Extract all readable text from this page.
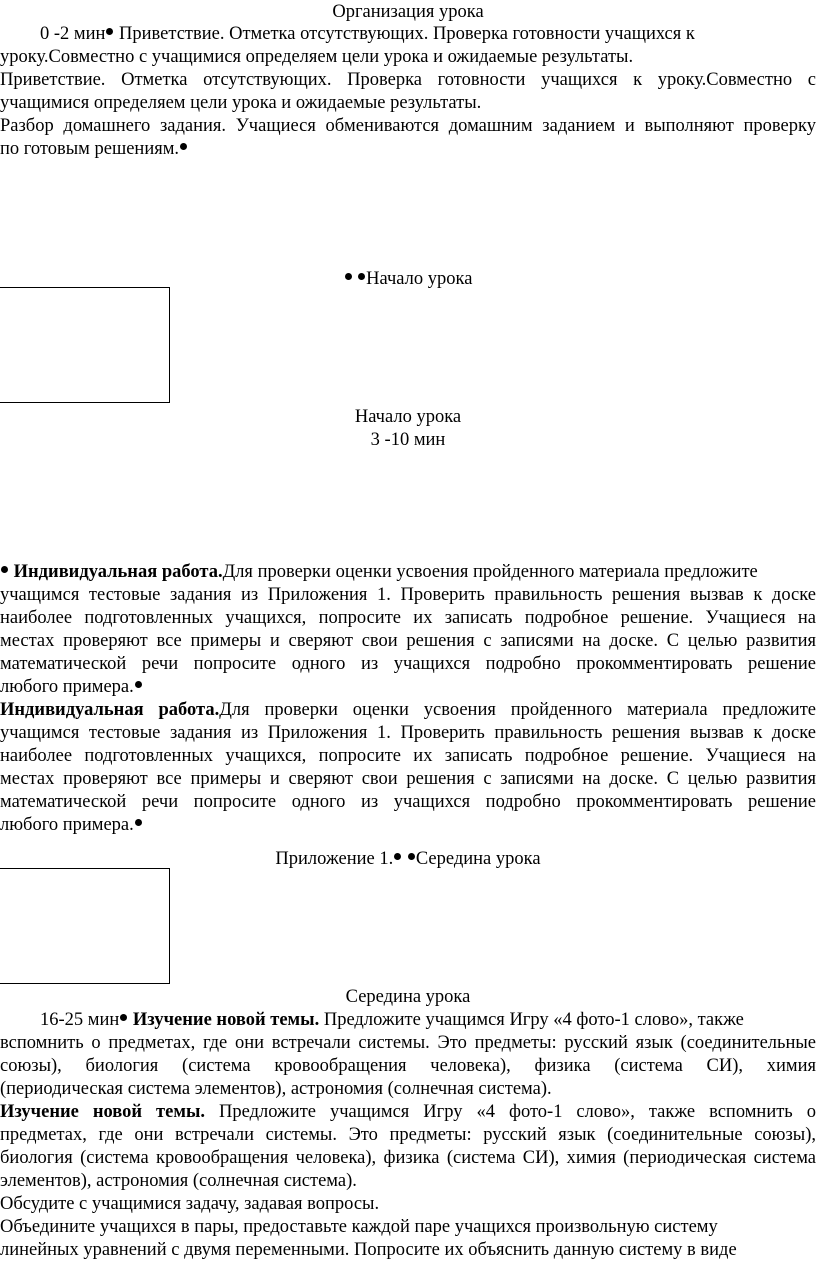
Организация урока
0 -2 мин Приветствие. Отметка отсутствующих. Проверка готовности учащихся к
уроку.Совместно с учащимися определяем цели урока и ожидаемые результаты.
Приветствие. Отметка отсутствующих. Проверка готовности учащихся к уроку.Совместно с
учащимися определяем цели урока и ожидаемые результаты.
Разбор домашнего задания. Учащиеся обмениваются домашним заданием и выполняют проверку
по готовым решениям.
Начало урока
Начало урока
3 -10 мин
Индивидуальная работа.Для проверки оценки усвоения пройденного материала предложите
учащимся тестовые задания из Приложения 1. Проверить правильность решения вызвав к доске
наиболее подготовленных учащихся, попросите их записать подробное решение. Учащиеся на
местах проверяют все примеры и сверяют свои решения с записями на доске. С целью развития
математической речи попросите одного из учащихся подробно прокомментировать решение
любого примера.
Индивидуальная работа.Для проверки оценки усвоения пройденного материала предложите
учащимся тестовые задания из Приложения 1. Проверить правильность решения вызвав к доске
наиболее подготовленных учащихся, попросите их записать подробное решение. Учащиеся на
местах проверяют все примеры и сверяют свои решения с записями на доске. С целью развития
математической речи попросите одного из учащихся подробно прокомментировать решение
любого примера.
Приложение 1. Середина урока
Середина урока
16-25 мин Изучение новой темы. Предложите учащимся Игру «4 фото-1 слово», также
вспомнить о предметах, где они встречали системы. Это предметы: русский язык (соединительные
союзы), биология (система кровообращения человека), физика (система СИ), химия
(периодическая система элементов), астрономия (солнечная система).
Изучение новой темы. Предложите учащимся Игру «4 фото-1 слово», также вспомнить о
предметах, где они встречали системы. Это предметы: русский язык (соединительные союзы),
биология (система кровообращения человека), физика (система СИ), химия (периодическая система
элементов), астрономия (солнечная система).
Обсудите с учащимися задачу, задавая вопросы.
Объедините учащихся в пары, предоставьте каждой паре учащихся произвольную систему
линейных уравнений с двумя переменными. Попросите их объяснить данную систему в виде
